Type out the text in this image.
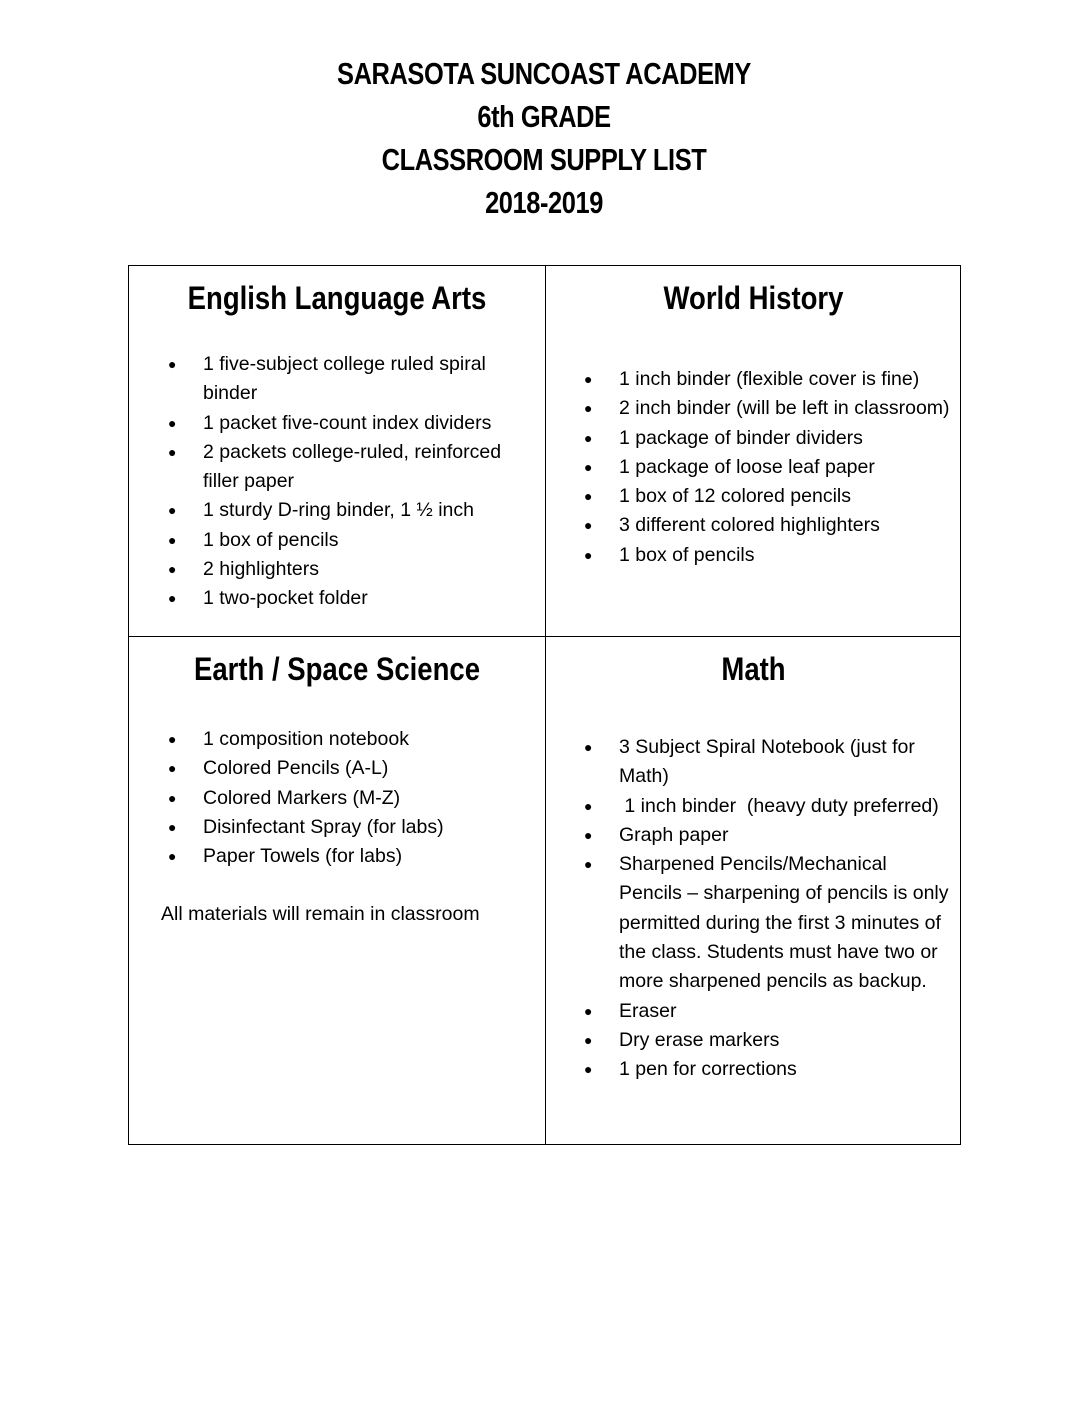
SARASOTA SUNCOAST ACADEMY
6th GRADE
CLASSROOM SUPPLY LIST
2018-2019
English Language Arts
● 1 five-subject college ruled spiral binder
● 1 packet five-count index dividers
● 2 packets college-ruled, reinforced filler paper
● 1 sturdy D-ring binder, 1 ½ inch
● 1 box of pencils
● 2 highlighters
● 1 two-pocket folder
World History
● 1 inch binder (flexible cover is fine)
● 2 inch binder (will be left in classroom)
● 1 package of binder dividers
● 1 package of loose leaf paper
● 1 box of 12 colored pencils
● 3 different colored highlighters
● 1 box of pencils
Earth / Space Science
● 1 composition notebook
● Colored Pencils (A-L)
● Colored Markers (M-Z)
● Disinfectant Spray (for labs)
● Paper Towels (for labs)
All materials will remain in classroom
Math
● 3 Subject Spiral Notebook (just for Math)
● 1 inch binder  (heavy duty preferred)
● Graph paper
● Sharpened Pencils/Mechanical Pencils – sharpening of pencils is only permitted during the first 3 minutes of the class. Students must have two or more sharpened pencils as backup.
● Eraser
● Dry erase markers
● 1 pen for corrections
